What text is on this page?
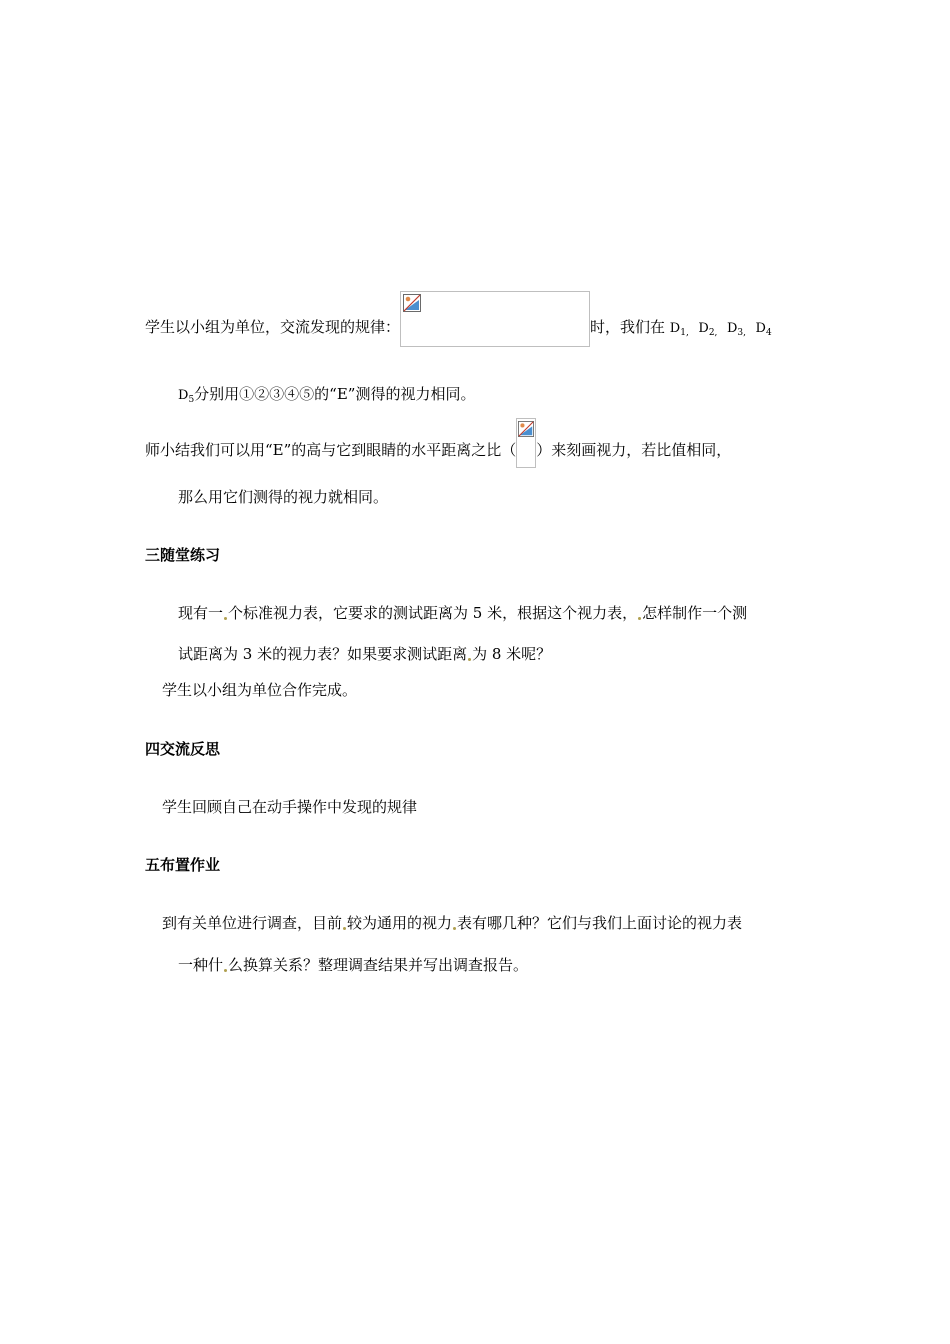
学生以小组为单位，交流发现的规律：	时，我们在 $D_{1,}$ $D_{2,}$ $D_{3,}$ $D_4$
$D_5$分别用①②③④⑤的“E”测得的视力相同。
师小结我们可以用“E”的高与它到眼睛的水平距离之比（ ）来刻画视力，若比值相同，
那么用它们测得的视力就相同。
三随堂练习
现有一 个标准视力表，它要求的测试距离为 5 米，根据这个视力表， 怎样制作一个测
试距离为 3 米的视力表？如果要求测试距离 为 8 米呢？
学生以小组为单位合作完成。
四交流反思
学生回顾自己在动手操作中发现的规律
五布置作业
到有关单位进行调查，目前 较为通用的视力 表有哪几种？它们与我们上面讨论的视力表
一种什 么换算关系？整理调查结果并写出调查报告。
